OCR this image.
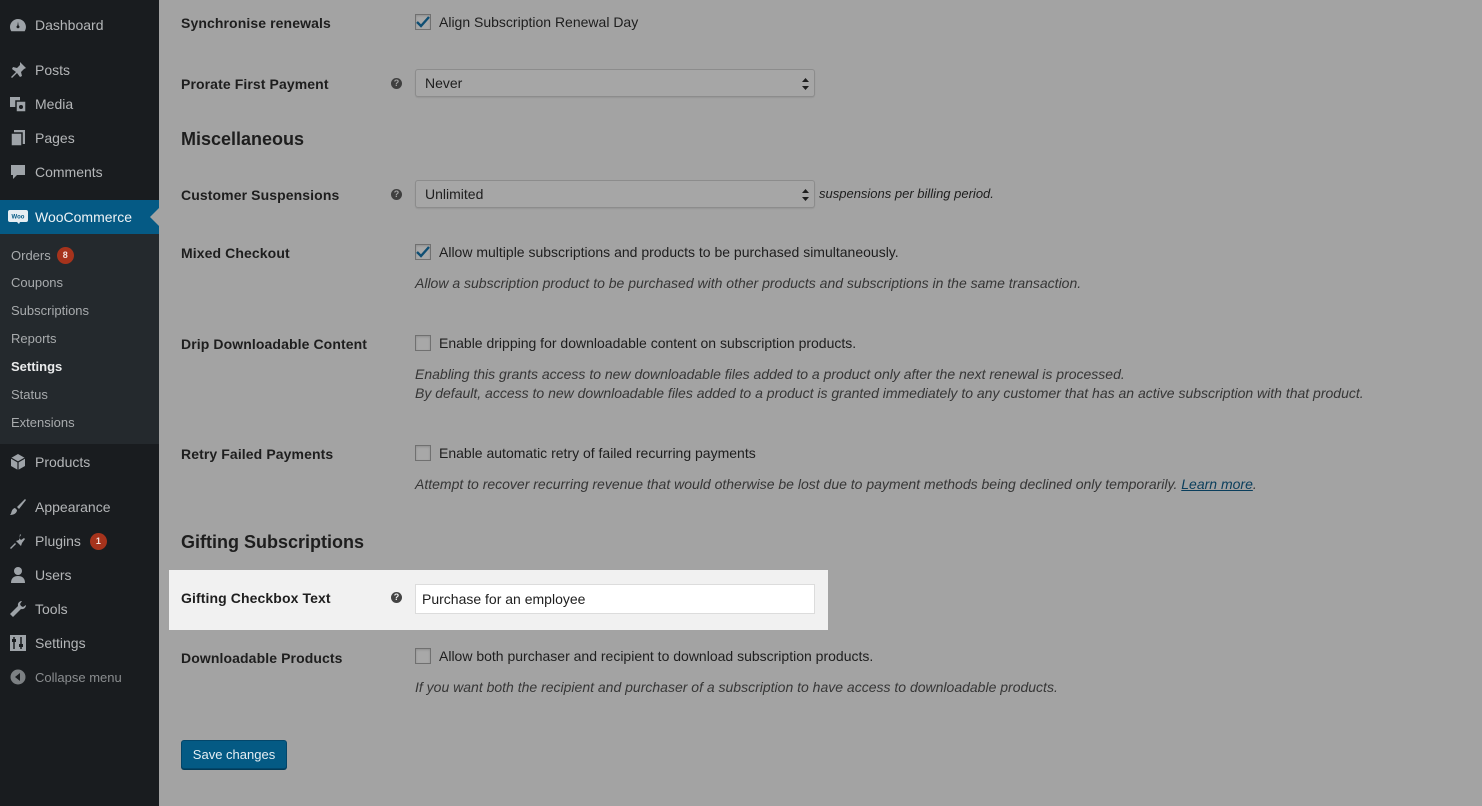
Dashboard
Posts
Media
Pages
Comments
Woo WooCommerce
Orders	8
Coupons
Subscriptions
Reports
Settings
Status
Extensions
Products
Appearance
Plugins	1
Users
Tools
Settings
Collapse menu
Synchronise renewals	Align Subscription Renewal Day
Prorate First Payment	? Never
Miscellaneous
Customer Suspensions	? Unlimited	suspensions per billing period.
Mixed Checkout	Allow multiple subscriptions and products to be purchased simultaneously.
Allow a subscription product to be purchased with other products and subscriptions in the same transaction.
Drip Downloadable Content	Enable dripping for downloadable content on subscription products.
Enabling this grants access to new downloadable files added to a product only after the next renewal is processed.
By default, access to new downloadable files added to a product is granted immediately to any customer that has an active subscription with that product.
Retry Failed Payments	Enable automatic retry of failed recurring payments
Attempt to recover recurring revenue that would otherwise be lost due to payment methods being declined only temporarily. Learn more.
Gifting Subscriptions
Gifting Checkbox Text	? Purchase for an employee
Downloadable Products	Allow both purchaser and recipient to download subscription products.
If you want both the recipient and purchaser of a subscription to have access to downloadable products.
Save changes
